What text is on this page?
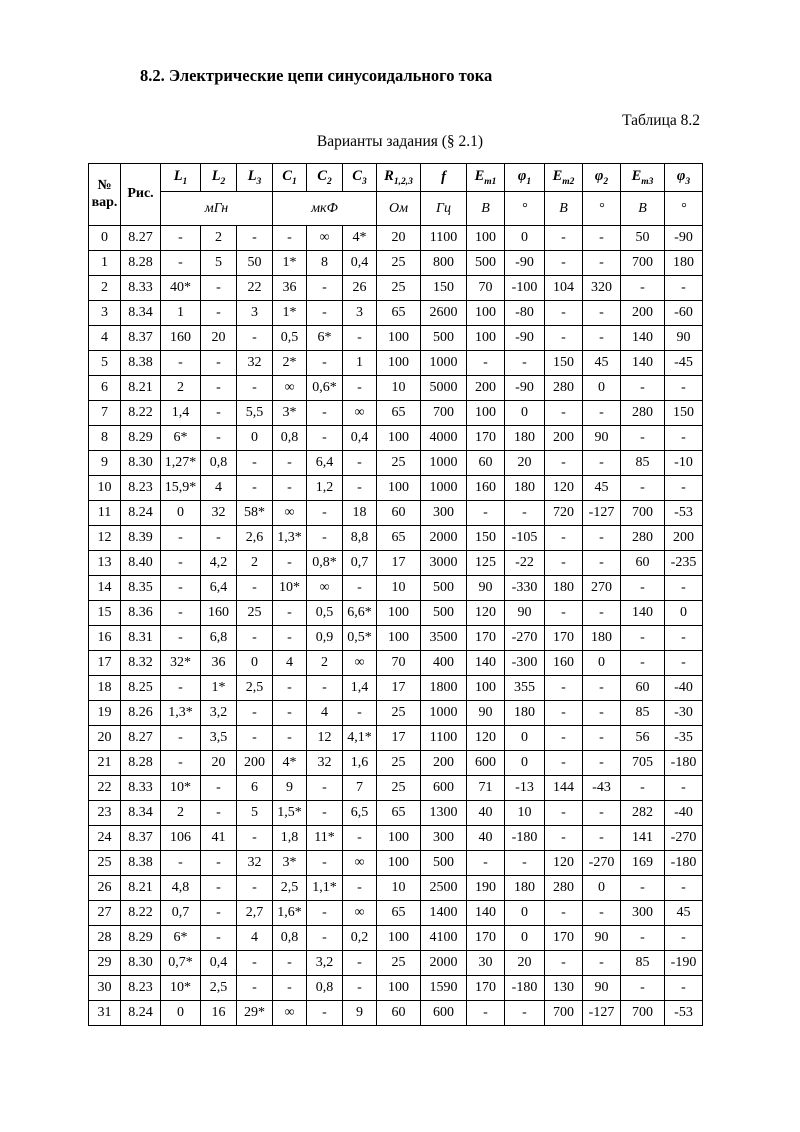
8.2. Электрические цепи синусоидального тока
Таблица 8.2
Варианты задания (§ 2.1)
№
вар.	Рис.	$L_1$	$L_2$	$L_3$	$C_1$	$C_2$	$C_3$	$R_{1,2,3}$	f	$E_{m1}$	$\varphi_1$	$E_{m2}$	$\varphi_2$	$E_{m3}$	$\varphi_3$
		мГн			мкФ			Ом	Гц	В	°	В	°	В	°
0	8.27	-	2	-	-	∞	4*	20	1100	100	0	-	-	50	-90
1	8.28	-	5	50	1*	8	0,4	25	800	500	-90	-	-	700	180
2	8.33	40*	-	22	36	-	26	25	150	70	-100	104	320	-	-
3	8.34	1	-	3	1*	-	3	65	2600	100	-80	-	-	200	-60
4	8.37	160	20	-	0,5	6*	-	100	500	100	-90	-	-	140	90
5	8.38	-	-	32	2*	-	1	100	1000	-	-	150	45	140	-45
6	8.21	2	-	-	∞	0,6*	-	10	5000	200	-90	280	0	-	-
7	8.22	1,4	-	5,5	3*	-	∞	65	700	100	0	-	-	280	150
8	8.29	6*	-	0	0,8	-	0,4	100	4000	170	180	200	90	-	-
9	8.30	1,27*	0,8	-	-	6,4	-	25	1000	60	20	-	-	85	-10
10	8.23	15,9*	4	-	-	1,2	-	100	1000	160	180	120	45	-	-
11	8.24	0	32	58*	∞	-	18	60	300	-	-	720	-127	700	-53
12	8.39	-	-	2,6	1,3*	-	8,8	65	2000	150	-105	-	-	280	200
13	8.40	-	4,2	2	-	0,8*	0,7	17	3000	125	-22	-	-	60	-235
14	8.35	-	6,4	-	10*	∞	-	10	500	90	-330	180	270	-	-
15	8.36	-	160	25	-	0,5	6,6*	100	500	120	90	-	-	140	0
16	8.31	-	6,8	-	-	0,9	0,5*	100	3500	170	-270	170	180	-	-
17	8.32	32*	36	0	4	2	∞	70	400	140	-300	160	0	-	-
18	8.25	-	1*	2,5	-	-	1,4	17	1800	100	355	-	-	60	-40
19	8.26	1,3*	3,2	-	-	4	-	25	1000	90	180	-	-	85	-30
20	8.27	-	3,5	-	-	12	4,1*	17	1100	120	0	-	-	56	-35
21	8.28	-	20	200	4*	32	1,6	25	200	600	0	-	-	705	-180
22	8.33	10*	-	6	9	-	7	25	600	71	-13	144	-43	-	-
23	8.34	2	-	5	1,5*	-	6,5	65	1300	40	10	-	-	282	-40
24	8.37	106	41	-	1,8	11*	-	100	300	40	-180	-	-	141	-270
25	8.38	-	-	32	3*	-	∞	100	500	-	-	120	-270	169	-180
26	8.21	4,8	-	-	2,5	1,1*	-	10	2500	190	180	280	0	-	-
27	8.22	0,7	-	2,7	1,6*	-	∞	65	1400	140	0	-	-	300	45
28	8.29	6*	-	4	0,8	-	0,2	100	4100	170	0	170	90	-	-
29	8.30	0,7*	0,4	-	-	3,2	-	25	2000	30	20	-	-	85	-190
30	8.23	10*	2,5	-	-	0,8	-	100	1590	170	-180	130	90	-	-
31	8.24	0	16	29*	∞	-	9	60	600	-	-	700	-127	700	-53
